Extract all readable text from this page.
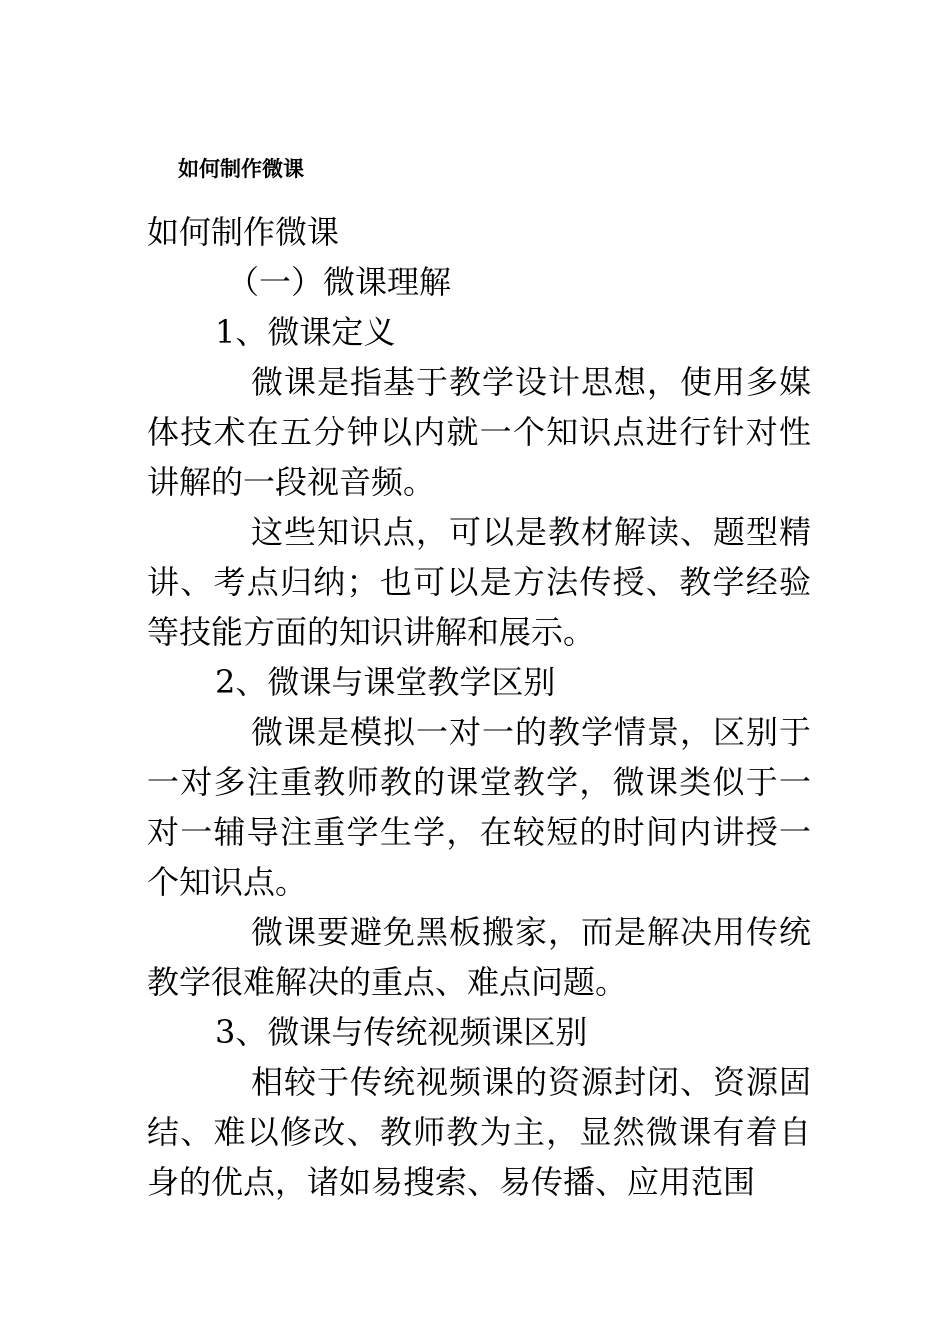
如何制作微课

如何制作微课

（一）微课理解

1、微课定义

微课是指基于教学设计思想，使用多媒体技术在五分钟以内就一个知识点进行针对性讲解的一段视音频。

这些知识点，可以是教材解读、题型精讲、考点归纳；也可以是方法传授、教学经验等技能方面的知识讲解和展示。

2、微课与课堂教学区别

微课是模拟一对一的教学情景，区别于一对多注重教师教的课堂教学，微课类似于一对一辅导注重学生学，在较短的时间内讲授一个知识点。

微课要避免黑板搬家，而是解决用传统教学很难解决的重点、难点问题。

3、微课与传统视频课区别

相较于传统视频课的资源封闭、资源固结、难以修改、教师教为主，显然微课有着自身的优点，诸如易搜索、易传播、应用范围
